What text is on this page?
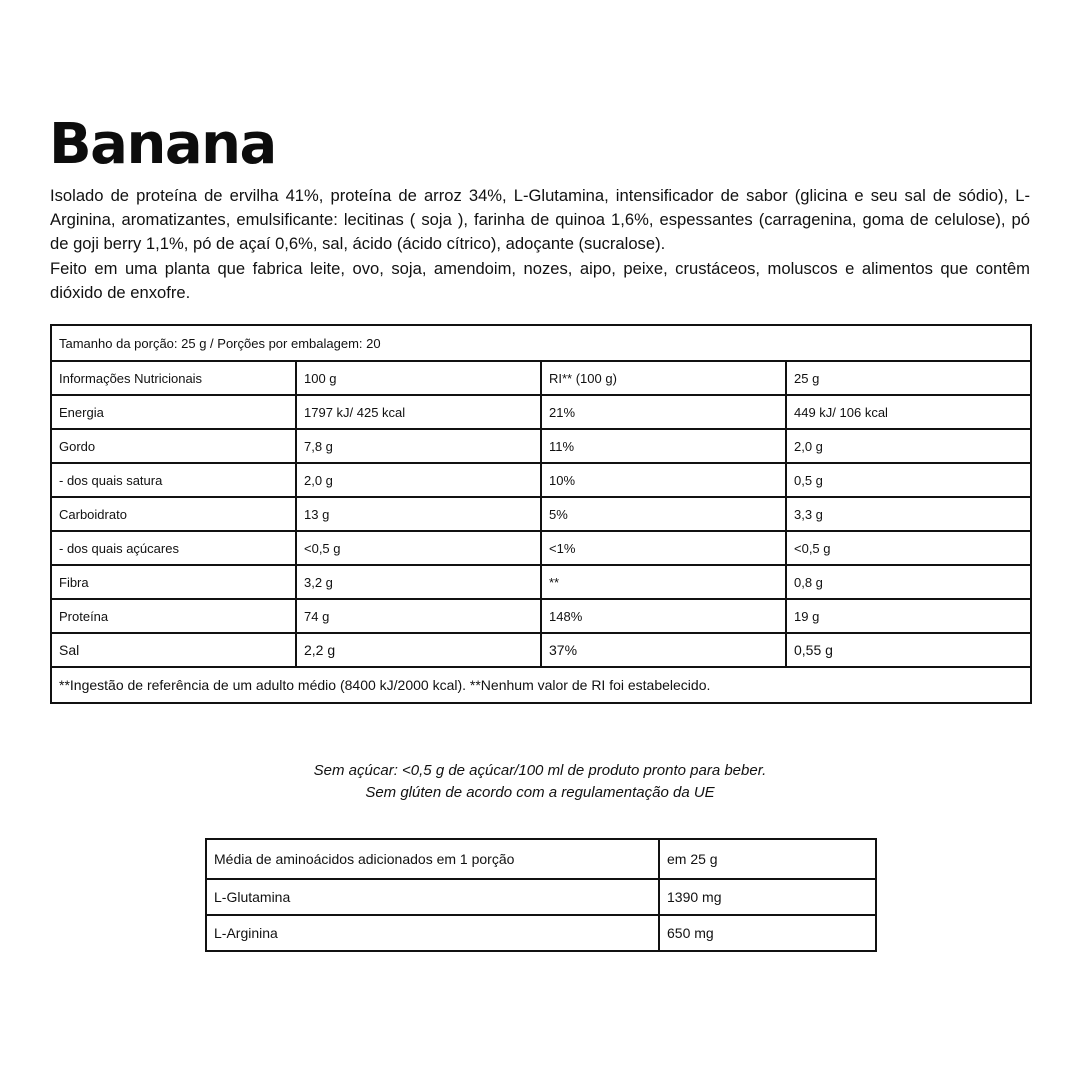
Banana

Isolado de proteína de ervilha 41%, proteína de arroz 34%, L-Glutamina, intensificador de sabor (glicina e seu sal de sódio), L-Arginina, aromatizantes, emulsificante: lecitinas ( soja ), farinha de quinoa 1,6%, espessantes (carragenina, goma de celulose), pó de goji berry 1,1%, pó de açaí 0,6%, sal, ácido (ácido cítrico), adoçante (sucralose).

Feito em uma planta que fabrica leite, ovo, soja, amendoim, nozes, aipo, peixe, crustáceos, moluscos e alimentos que contêm dióxido de enxofre.

Tamanho da porção: 25 g / Porções por embalagem: 20			
Informações Nutricionais	100 g	RI** (100 g)	25 g
Energia	1797 kJ/ 425 kcal	21%	449 kJ/ 106 kcal
Gordo	7,8 g	11%	2,0 g
- dos quais satura	2,0 g	10%	0,5 g
Carboidrato	13 g	5%	3,3 g
- dos quais açúcares	<0,5 g	<1%	<0,5 g
Fibra	3,2 g	**	0,8 g
Proteína	74 g	148%	19 g
Sal	2,2 g	37%	0,55 g
**Ingestão de referência de um adulto médio (8400 kJ/2000 kcal). **Nenhum valor de RI foi estabelecido.			
Sem açúcar: <0,5 g de açúcar/100 ml de produto pronto para beber.
Sem glúten de acordo com a regulamentação da UE
Média de aminoácidos adicionados em 1 porção	em 25 g
L-Glutamina	1390 mg
L-Arginina	650 mg
